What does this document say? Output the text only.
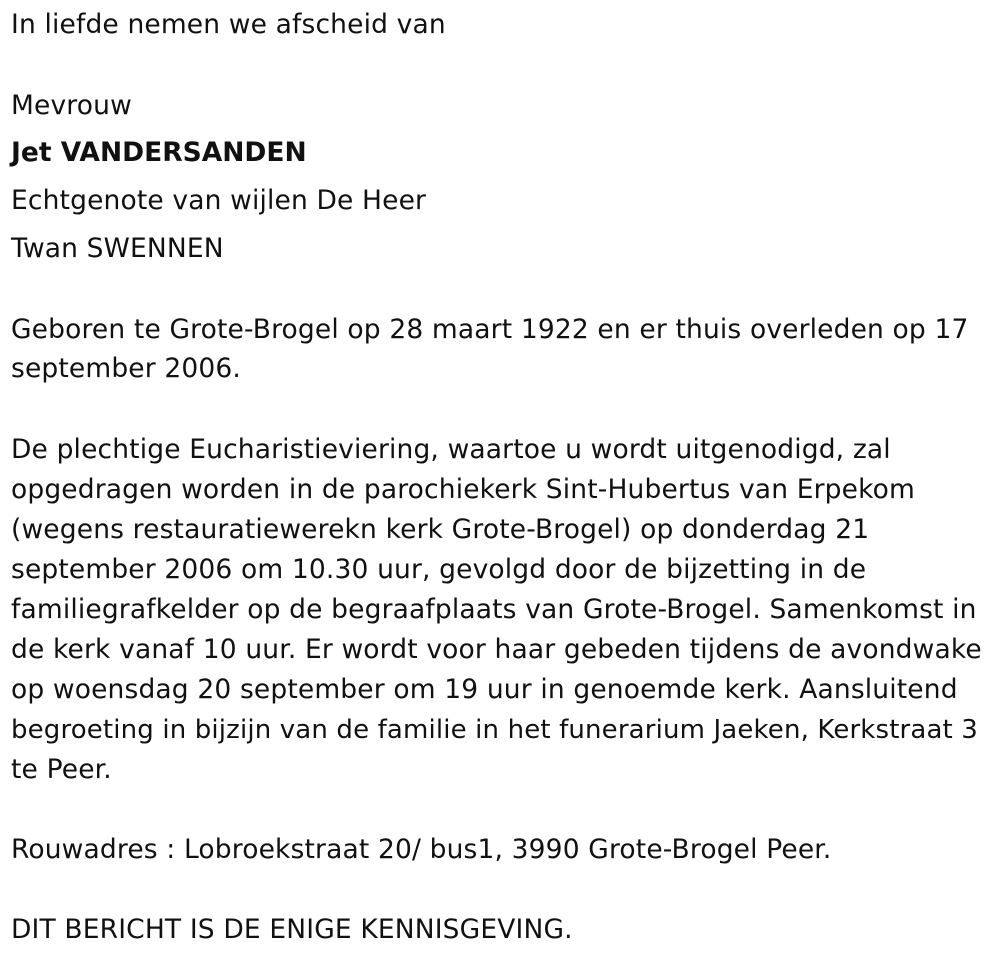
In liefde nemen we afscheid van
Mevrouw
Jet VANDERSANDEN
Echtgenote van wijlen De Heer
Twan SWENNEN
Geboren te Grote-Brogel op 28 maart 1922 en er thuis overleden op 17
september 2006.
De plechtige Eucharistieviering, waartoe u wordt uitgenodigd, zal
opgedragen worden in de parochiekerk Sint-Hubertus van Erpekom
(wegens restauratiewerekn kerk Grote-Brogel) op donderdag 21
september 2006 om 10.30 uur, gevolgd door de bijzetting in de
familiegrafkelder op de begraafplaats van Grote-Brogel. Samenkomst in
de kerk vanaf 10 uur. Er wordt voor haar gebeden tijdens de avondwake
op woensdag 20 september om 19 uur in genoemde kerk. Aansluitend
begroeting in bijzijn van de familie in het funerarium Jaeken, Kerkstraat 3
te Peer.
Rouwadres : Lobroekstraat 20/ bus1, 3990 Grote-Brogel Peer.
DIT BERICHT IS DE ENIGE KENNISGEVING.
